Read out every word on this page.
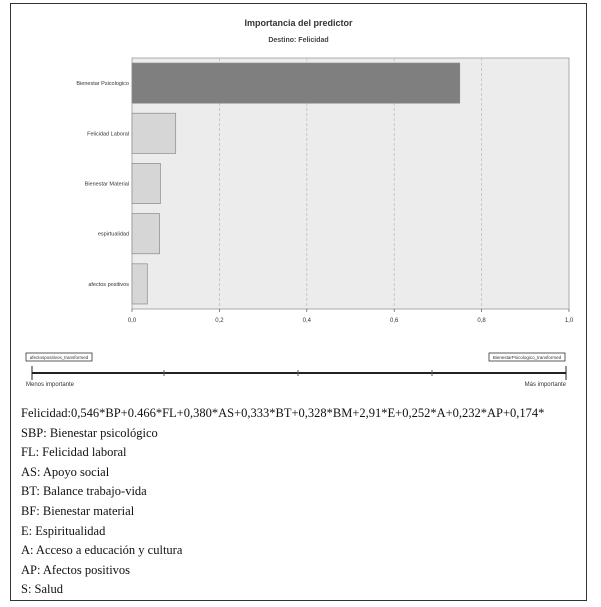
Importancia del predictor
Destino: Felicidad
0,0	0,2	0,4	0,6	0,8	1,0
Bienestar Psicologico
Felicidad Laboral
Bienestar Material
espirtualidad
afectos positivos
afectospositivos_transformed	BienestarPsicologico_transformed
Menos importante	Más importante
Felicidad:0,546*BP+0.466*FL+0,380*AS+0,333*BT+0,328*BM+2,91*E+0,252*A+0,232*AP+0,174*
SBP: Bienestar psicológico
FL: Felicidad laboral
AS: Apoyo social
BT: Balance trabajo-vida
BF: Bienestar material
E: Espiritualidad
A: Acceso a educación y cultura
AP: Afectos positivos
S: Salud
